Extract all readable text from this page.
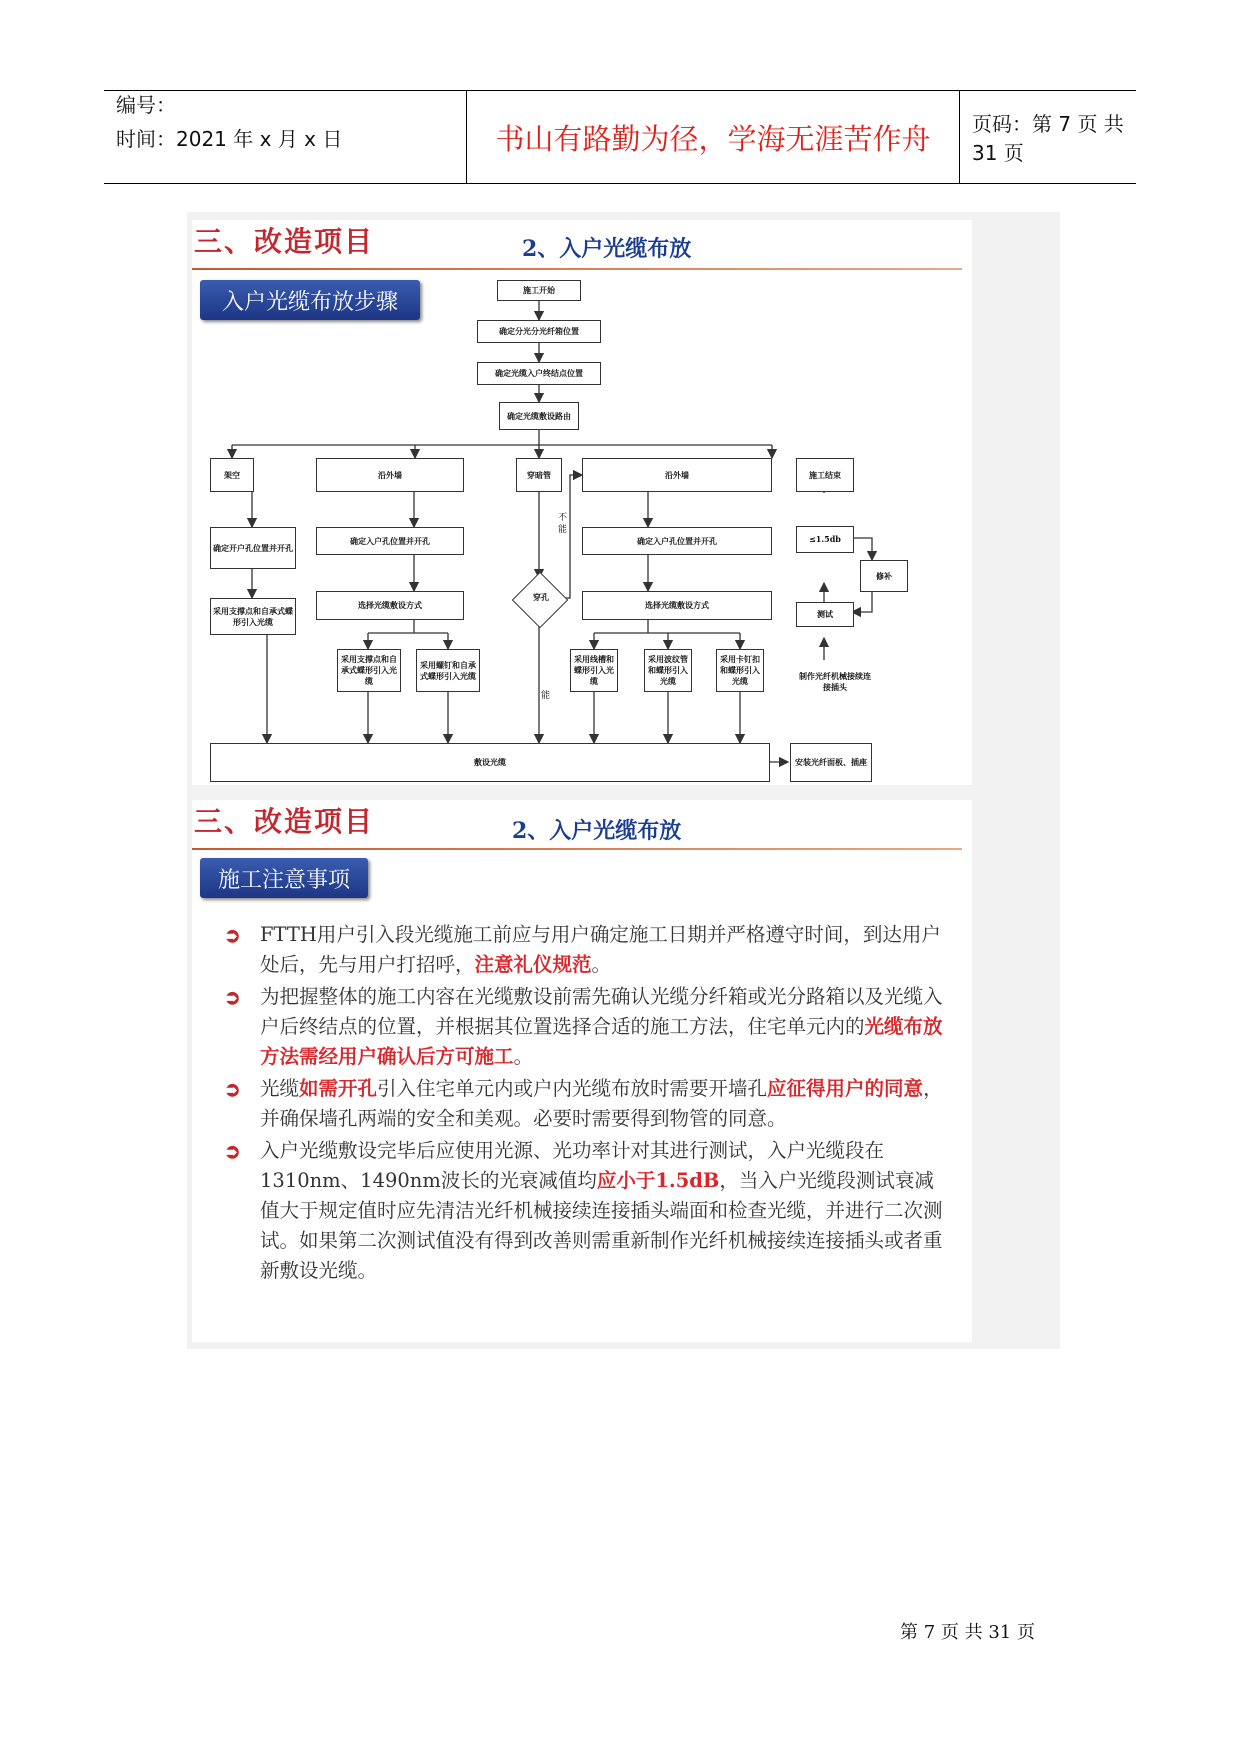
编号：
时间：2021 年 x 月 x 日	书山有路勤为径，学海无涯苦作舟	页码：第 7 页 共 31 页
三、改造项目	2、入户光缆布放
入户光缆布放步骤	施工开始
确定分光分光纤箱位置
确定光缆入户终结点位置
确定光缆敷设路由
架空	沿外墙	穿暗管	沿外墙	施工结束
确定开户孔位置并开孔
确定入户孔位置并开孔	确定入户孔位置并开孔	≤1.5db
修补
选择光缆敷设方式	选择光缆敷设方式
测试
穿孔
不能
能
采用支撑点和自承式蝶形引入光缆
采用支撑点和自承式蝶形引入光缆
采用螺钉和自承式蝶形引入光缆
采用线槽和蝶形引入光缆
采用波纹管和蝶形引入光缆
采用卡钉扣和蝶形引入光缆	制作光纤机械接续连接插头
敷设光缆	安装光纤面板、插座
三、改造项目	2、入户光缆布放
施工注意事项
➲ FTTH用户引入段光缆施工前应与用户确定施工日期并严格遵守时间，到达用户处后，先与用户打招呼，注意礼仪规范。
➲ 为把握整体的施工内容在光缆敷设前需先确认光缆分纤箱或光分路箱以及光缆入户后终结点的位置，并根据其位置选择合适的施工方法，住宅单元内的光缆布放方法需经用户确认后方可施工。
➲ 光缆如需开孔引入住宅单元内或户内光缆布放时需要开墙孔应征得用户的同意，并确保墙孔两端的安全和美观。必要时需要得到物管的同意。
➲ 入户光缆敷设完毕后应使用光源、光功率计对其进行测试，入户光缆段在1310nm、1490nm波长的光衰减值均应小于1.5dB，当入户光缆段测试衰减值大于规定值时应先清洁光纤机械接续连接插头端面和检查光缆，并进行二次测试。如果第二次测试值没有得到改善则需重新制作光纤机械接续连接插头或者重新敷设光缆。
第 7 页 共 31 页
